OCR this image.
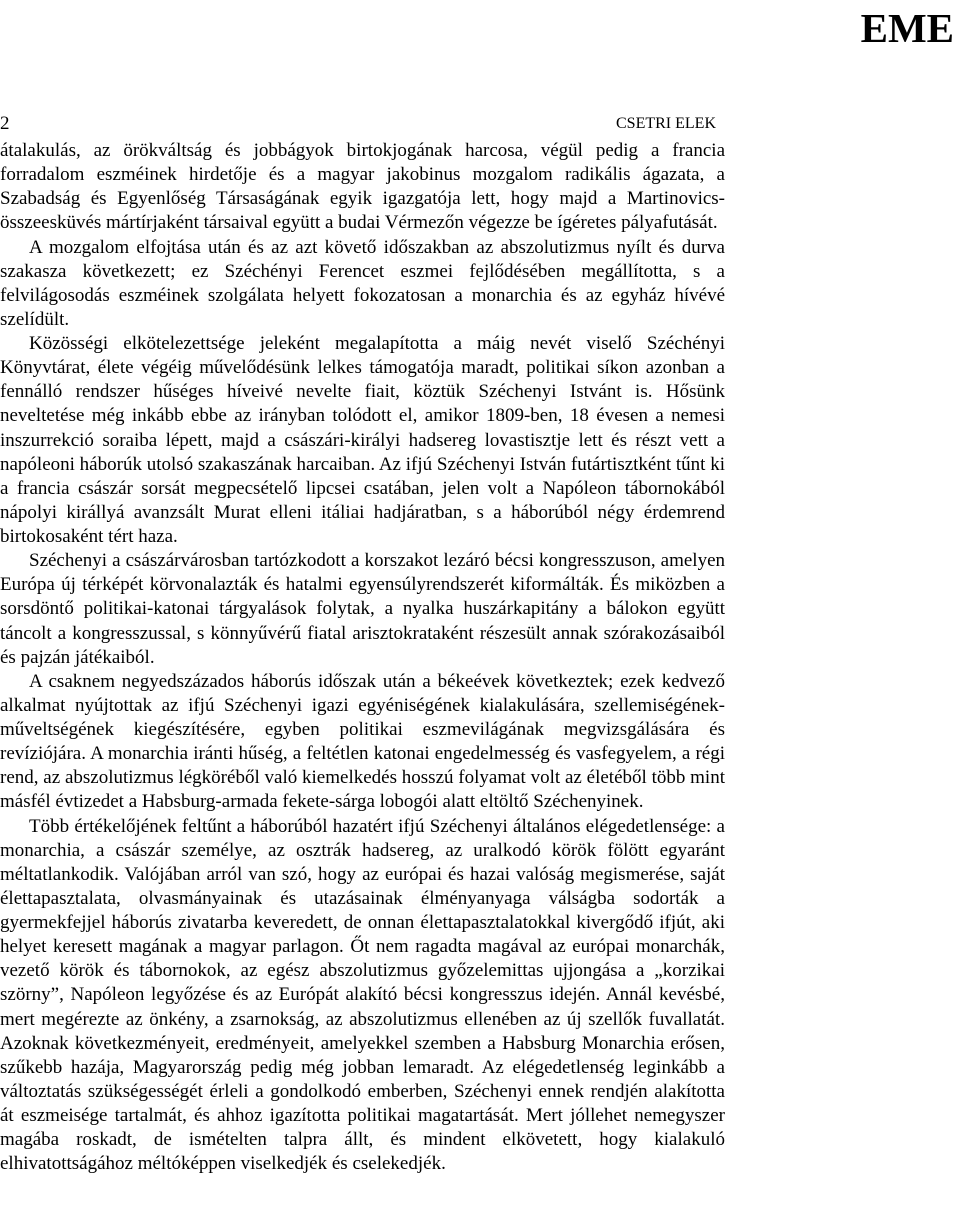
EME
2	CSETRI ELEK

átalakulás, az örökváltság és jobbágyok birtokjogának harcosa, végül pedig a francia forradalom eszméinek hirdetője és a magyar jakobinus mozgalom radikális ágazata, a Szabadság és Egyenlőség Társaságának egyik igazgatója lett, hogy majd a Martinovics-összeesküvés mártírjaként társaival együtt a budai Vérmezőn végezze be ígéretes pályafutását.

A mozgalom elfojtása után és az azt követő időszakban az abszolutizmus nyílt és durva szakasza következett; ez Széchényi Ferencet eszmei fejlődésében megállította, s a felvilágosodás eszméinek szolgálata helyett fokozatosan a monarchia és az egyház hívévé szelídült.

Közösségi elkötelezettsége jeleként megalapította a máig nevét viselő Széchényi Könyvtárat, élete végéig művelődésünk lelkes támogatója maradt, politikai síkon azonban a fennálló rendszer hűséges híveivé nevelte fiait, köztük Széchenyi Istvánt is. Hősünk neveltetése még inkább ebbe az irányban tolódott el, amikor 1809-ben, 18 évesen a nemesi inszurrekció soraiba lépett, majd a császári-királyi hadsereg lovastisztje lett és részt vett a napóleoni háborúk utolsó szakaszának harcaiban. Az ifjú Széchenyi István futártisztként tűnt ki a francia császár sorsát megpecsételő lipcsei csatában, jelen volt a Napóleon tábornokából nápolyi királlyá avanzsált Murat elleni itáliai hadjáratban, s a háborúból négy érdemrend birtokosaként tért haza.

Széchenyi a császárvárosban tartózkodott a korszakot lezáró bécsi kongresszuson, amelyen Európa új térképét körvonalazták és hatalmi egyensúlyrendszerét kiformálták. És miközben a sorsdöntő politikai-katonai tárgyalások folytak, a nyalka huszárkapitány a bálokon együtt táncolt a kongresszussal, s könnyűvérű fiatal arisztokrataként részesült annak szórakozásaiból és pajzán játékaiból.

A csaknem negyedszázados háborús időszak után a békeévek következtek; ezek kedvező alkalmat nyújtottak az ifjú Széchenyi igazi egyéniségének kialakulására, szellemiségének-műveltségének kiegészítésére, egyben politikai eszmevilágának megvizsgálására és revíziójára. A monarchia iránti hűség, a feltétlen katonai engedelmesség és vasfegyelem, a régi rend, az abszolutizmus légköréből való kiemelkedés hosszú folyamat volt az életéből több mint másfél évtizedet a Habsburg-armada fekete-sárga lobogói alatt eltöltő Széchenyinek.

Több értékelőjének feltűnt a háborúból hazatért ifjú Széchenyi általános elégedetlensége: a monarchia, a császár személye, az osztrák hadsereg, az uralkodó körök fölött egyaránt méltatlankodik. Valójában arról van szó, hogy az európai és hazai valóság megismerése, saját élettapasztalata, olvasmányainak és utazásainak élményanyaga válságba sodorták a gyermekfejjel háborús zivatarba keveredett, de onnan élettapasztalatokkal kivergődő ifjút, aki helyet keresett magának a magyar parlagon. Őt nem ragadta magával az európai monarchák, vezető körök és tábornokok, az egész abszolutizmus győzelemittas ujjongása a „korzikai szörny”, Napóleon legyőzése és az Európát alakító bécsi kongresszus idején. Annál kevésbé, mert megérezte az önkény, a zsarnokság, az abszolutizmus ellenében az új szellők fuvallatát. Azoknak következményeit, eredményeit, amelyekkel szemben a Habsburg Monarchia erősen, szűkebb hazája, Magyarország pedig még jobban lemaradt. Az elégedetlenség leginkább a változtatás szükségességét érleli a gondolkodó emberben, Széchenyi ennek rendjén alakította át eszmeisége tartalmát, és ahhoz igazította politikai magatartását. Mert jóllehet nemegyszer magába roskadt, de ismételten talpra állt, és mindent elkövetett, hogy kialakuló elhivatottságához méltóképpen viselkedjék és cselekedjék.
